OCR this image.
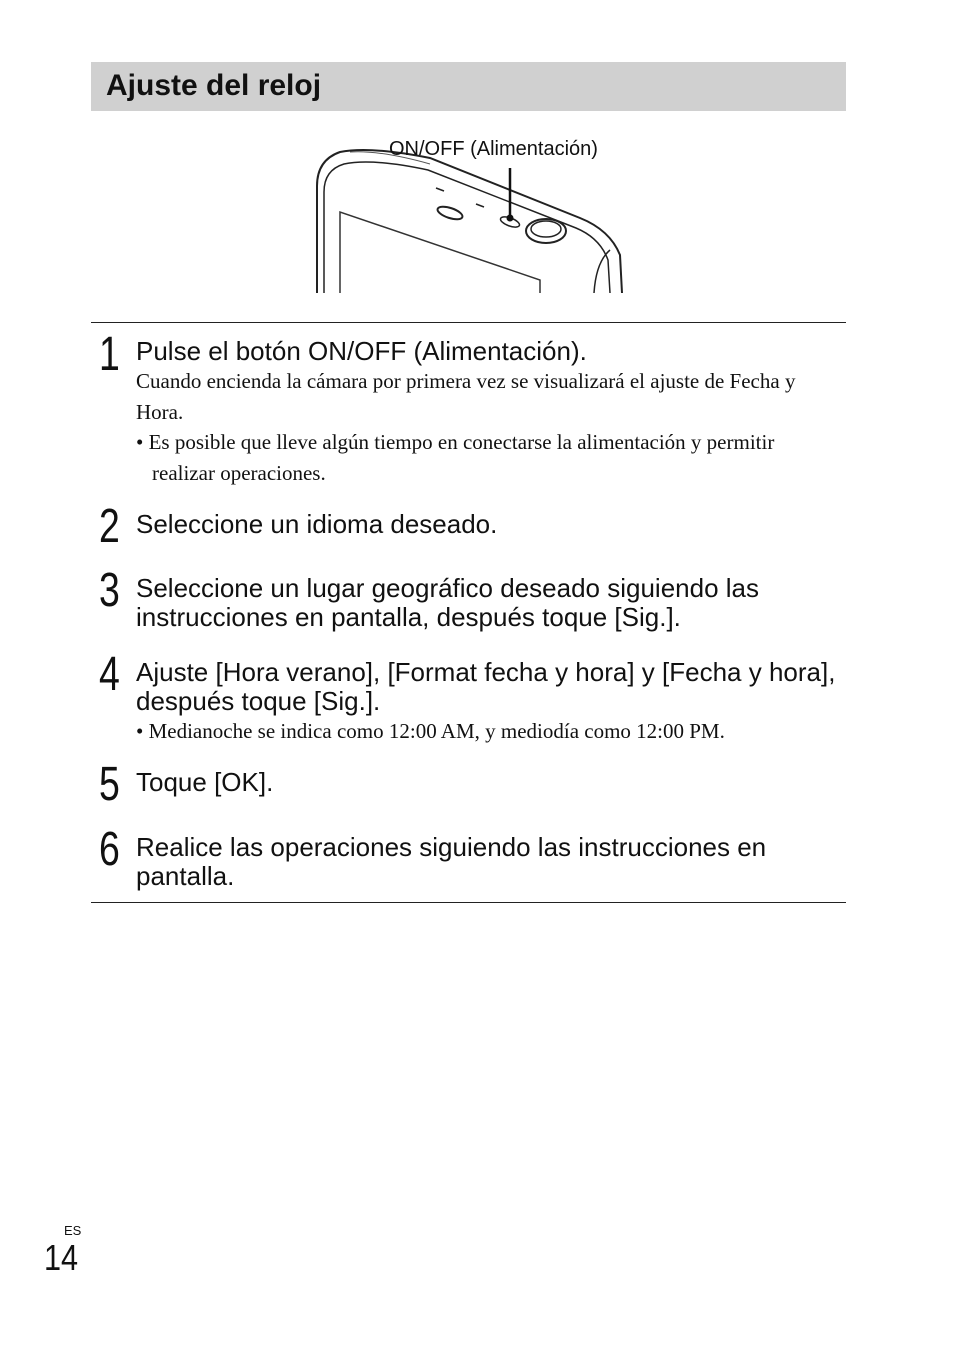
Ajuste del reloj
ON/OFF (Alimentación)
1 Pulse el botón ON/OFF (Alimentación).
Cuando encienda la cámara por primera vez se visualizará el ajuste de Fecha y Hora.
• Es posible que lleve algún tiempo en conectarse la alimentación y permitir realizar operaciones.
2 Seleccione un idioma deseado.
3 Seleccione un lugar geográfico deseado siguiendo las instrucciones en pantalla, después toque [Sig.].
4 Ajuste [Hora verano], [Format fecha y hora] y [Fecha y hora], después toque [Sig.].
• Medianoche se indica como 12:00 AM, y mediodía como 12:00 PM.
5 Toque [OK].
6 Realice las operaciones siguiendo las instrucciones en pantalla.
ES
14
